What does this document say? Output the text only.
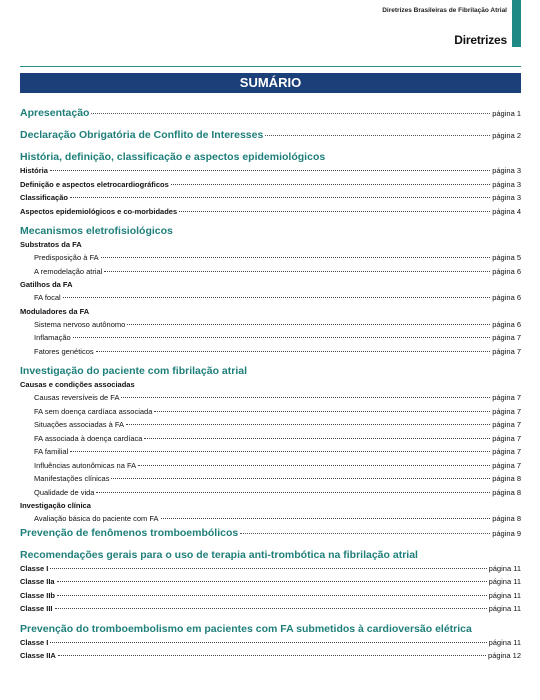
Diretrizes Brasileiras de Fibrilação Atrial
Diretrizes
SUMÁRIO
Apresentação	página 1
Declaração Obrigatória de Conflito de Interesses	página 2
História, definição, classificação e aspectos epidemiológicos
História	página 3
Definição e aspectos eletrocardiográficos	página 3
Classificação	página 3
Aspectos epidemiológicos e co-morbidades	página 4
Mecanismos eletrofisiológicos
Substratos da FA
Predisposição à FA	página 5
A remodelação atrial	página 6
Gatilhos da FA
FA focal	página 6
Moduladores da FA
Sistema nervoso autônomo	página 6
Inflamação	página 7
Fatores genéticos	página 7
Investigação do paciente com fibrilação atrial
Causas e condições associadas
Causas reversíveis de FA	página 7
FA sem doença cardíaca associada	página 7
Situações associadas à FA	página 7
FA associada à doença cardíaca	página 7
FA familial	página 7
Influências autonômicas na FA	página 7
Manifestações clínicas	página 8
Qualidade de vida	página 8
Investigação clínica
Avaliação básica do paciente com FA	página 8
Prevenção de fenômenos tromboembólicos	página 9
Recomendações gerais para o uso de terapia anti-trombótica na fibrilação atrial
Classe I	página 11
Classe IIa	página 11
Classe IIb	página 11
Classe III	página 11
Prevenção do tromboembolismo em pacientes com FA submetidos à cardioversão elétrica
Classe I	página 11
Classe IIA	página 12
